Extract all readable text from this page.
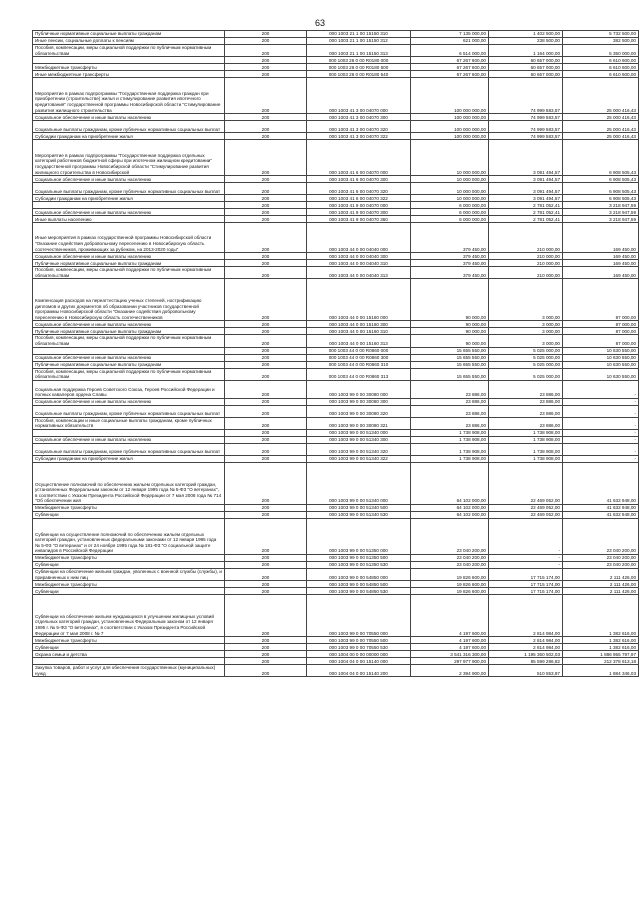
63
Публичные нормативные социальные выплаты гражданам	200	000 1003 21 1 00 15150 310	7 135 000,00	1 402 500,00	5 732 500,00
Иные пенсии, социальные доплаты к пенсиям	200	000 1003 21 1 00 15150 312	621 000,00	238 500,00	382 500,00
Пособия, компенсации, меры социальной поддержки по публичным нормативным обязательствам	200	000 1003 21 1 00 15150 313	6 514 000,00	1 164 000,00	5 350 000,00
	200	000 1003 26 0 00 R0180 000	67 267 600,00	60 657 000,00	6 610 600,00
Межбюджетные трансферты	200	000 1003 26 0 00 R0180 500	67 267 600,00	60 657 000,00	6 610 600,00
Иные межбюджетные трансферты	200	000 1003 26 0 00 R0180 540	67 267 600,00	60 657 000,00	6 610 600,00
Мероприятие в рамках подпрограммы "Государственная поддержка граждан при приобретении (строительстве) жилья и стимулирование развития ипотечного кредитования" государственной программы Новосибирской области "Стимулирование развития жилищного строительства	200	000 1003 41 3 00 04070 000	100 000 000,00	74 999 583,57	25 000 416,43
Социальное обеспечение и иные выплаты населению	200	000 1003 41 3 00 04070 300	100 000 000,00	74 999 583,57	25 000 416,43
Социальные выплаты гражданам, кроме публичных нормативных социальных выплат	200	000 1003 41 3 00 04070 320	100 000 000,00	74 999 583,57	25 000 416,43
Субсидии гражданам на приобретение жилья	200	000 1003 41 3 00 04070 322	100 000 000,00	74 999 583,57	25 000 416,43
Мероприятие в рамках подпрограммы "Государственная поддержка отдельных категорий работников бюджетной сферы при ипотечном жилищном кредитовании" государственной программы Новосибирской области "Стимулирование развития жилищного строительства в Новосибирской	200	000 1003 41 6 00 04070 000	10 000 000,00	3 091 494,57	6 908 505,43
Социальное обеспечение и иные выплаты населению	200	000 1003 41 6 00 04070 300	10 000 000,00	3 091 494,57	6 908 505,43
Социальные выплаты гражданам, кроме публичных нормативных социальных выплат	200	000 1003 41 6 00 04070 320	10 000 000,00	3 091 494,57	6 908 505,43
Субсидии гражданам на приобретение жилья	200	000 1003 41 6 00 04070 322	10 000 000,00	3 091 494,57	6 908 505,43
	200	000 1003 41 9 00 04070 000	6 000 000,00	2 781 052,41	3 218 947,59
Социальное обеспечение и иные выплаты населению	200	000 1003 41 9 00 04070 300	6 000 000,00	2 781 052,41	3 218 947,59
Иные выплаты населению	200	000 1003 41 9 00 04070 360	6 000 000,00	2 781 052,41	3 218 947,59
Иные мероприятия в рамках государственной программы Новосибирской области "Оказание содействия добровольному переселению в Новосибирскую область соотечественников, проживающих за рубежом, на 2013-2020 годы"	200	000 1003 44 0 00 04040 000	379 450,00	210 000,00	169 450,00
Социальное обеспечение и иные выплаты населению	200	000 1003 44 0 00 04040 300	379 450,00	210 000,00	169 450,00
Публичные нормативные социальные выплаты гражданам	200	000 1003 44 0 00 04040 310	379 450,00	210 000,00	169 450,00
Пособия, компенсации, меры социальной поддержки по публичным нормативным обязательствам	200	000 1003 44 0 00 04040 313	379 450,00	210 000,00	169 450,00
Компенсация расходов на переаттестацию ученых степеней, нострификацию дипломов и других документов об образовании участников государственной программы Новосибирской области "Оказание содействия добровольному переселению в Новосибирскую область соотечественников	200	000 1003 44 0 00 15160 000	90 000,00	3 000,00	87 000,00
Социальное обеспечение и иные выплаты населению	200	000 1003 44 0 00 15160 300	90 000,00	3 000,00	87 000,00
Публичные нормативные социальные выплаты гражданам	200	000 1003 44 0 00 15160 310	90 000,00	3 000,00	87 000,00
Пособия, компенсации, меры социальной поддержки по публичным нормативным обязательствам	200	000 1003 44 0 00 15160 313	90 000,00	3 000,00	87 000,00
	200	000 1003 44 0 00 R0860 000	15 655 550,00	5 025 000,00	10 630 550,00
Социальное обеспечение и иные выплаты населению	200	000 1003 44 0 00 R0860 300	15 655 550,00	5 025 000,00	10 630 550,00
Публичные нормативные социальные выплаты гражданам	200	000 1003 44 0 00 R0860 310	15 655 550,00	5 025 000,00	10 630 550,00
Пособия, компенсации, меры социальной поддержки по публичным нормативным обязательствам	200	000 1003 44 0 00 R0860 313	15 655 550,00	5 025 000,00	10 630 550,00
Социальная поддержка Героев Советского Союза, Героев Российской Федерации и полных кавалеров ордена Славы	200	000 1003 99 0 00 30080 000	23 886,00	23 886,00	-
Социальное обеспечение и иные выплаты населению	200	000 1003 99 0 00 30080 300	23 886,00	23 886,00	-
Социальные выплаты гражданам, кроме публичных нормативных социальных выплат	200	000 1003 99 0 00 30080 320	23 886,00	23 886,00	-
Пособия, компенсации и иные социальные выплаты гражданам, кроме публичных нормативных обязательств	200	000 1003 99 0 00 30080 321	23 886,00	23 886,00	-
	200	000 1003 99 0 00 51340 000	1 738 908,00	1 738 908,00	-
Социальное обеспечение и иные выплаты населению	200	000 1003 99 0 00 51340 300	1 738 908,00	1 738 908,00	-
Социальные выплаты гражданам, кроме публичных нормативных социальных выплат	200	000 1003 99 0 00 51340 320	1 738 908,00	1 738 908,00	-
Субсидии гражданам на приобретение жилья	200	000 1003 99 0 00 51340 322	1 738 908,00	1 738 908,00	-
Осуществление полномочий по обеспечению жильем отдельных категорий граждан, установленных Федеральным законом от 12 января 1995 года № 5-ФЗ "О ветеранах", в соответствии с Указом Президента Российской Федерации от 7 мая 2008 года № 714 "Об обеспечении жил	200	000 1003 99 0 00 51340 000	64 102 000,00	22 469 052,00	41 632 948,00
Межбюджетные трансферты	200	000 1003 99 0 00 51340 500	64 102 000,00	22 469 052,00	41 632 948,00
Субвенции	200	000 1003 99 0 00 51340 530	64 102 000,00	22 469 052,00	41 632 948,00
Субвенции на осуществление полномочий по обеспечению жильем отдельных категорий граждан, установленных федеральными законами от 12 января 1995 года № 5-ФЗ "О ветеранах" и от 24 ноября 1995 года № 181-ФЗ "О социальной защите инвалидов в Российской Федерации	200	000 1003 99 0 00 51350 000	23 040 200,00	-	23 040 200,00
Межбюджетные трансферты	200	000 1003 99 0 00 51350 500	23 040 200,00	-	23 040 200,00
Субвенции	200	000 1003 99 0 00 51350 530	23 040 200,00	-	23 040 200,00
Субвенции на обеспечение жильем граждан, уволенных с военной службы (службы), и приравненных к ним лиц	200	000 1003 99 0 00 54850 000	19 826 600,00	17 715 174,00	2 111 426,00
Межбюджетные трансферты	200	000 1003 99 0 00 54850 500	19 826 600,00	17 715 174,00	2 111 426,00
Субвенции	200	000 1003 99 0 00 54850 530	19 826 600,00	17 715 174,00	2 111 426,00
Субвенции на обеспечение жильем нуждающихся в улучшении жилищных условий отдельных категорий граждан, установленных Федеральным законом от 12 января 1995 г. № 5-ФЗ "О ветеранах", в соответствии с Указом Президента Российской Федерации от 7 мая 2008 г. № 7	200	000 1003 99 0 00 70550 000	4 197 600,00	2 814 984,00	1 382 616,00
Межбюджетные трансферты	200	000 1003 99 0 00 70550 500	4 197 600,00	2 814 984,00	1 382 616,00
Субвенции	200	000 1003 99 0 00 70550 530	4 197 600,00	2 814 984,00	1 382 616,00
Охрана семьи и детства	200	000 1004 00 0 00 00000 000	3 541 316 300,00	1 195 360 502,03	1 886 955 797,97
	200	000 1004 04 0 00 15140 000	297 977 900,00	85 599 286,82	212 378 613,18
Закупка товаров, работ и услуг для обеспечения государственных (муниципальных) нужд	200	000 1004 04 0 00 15140 200	2 394 900,00	510 553,97	1 884 346,03
